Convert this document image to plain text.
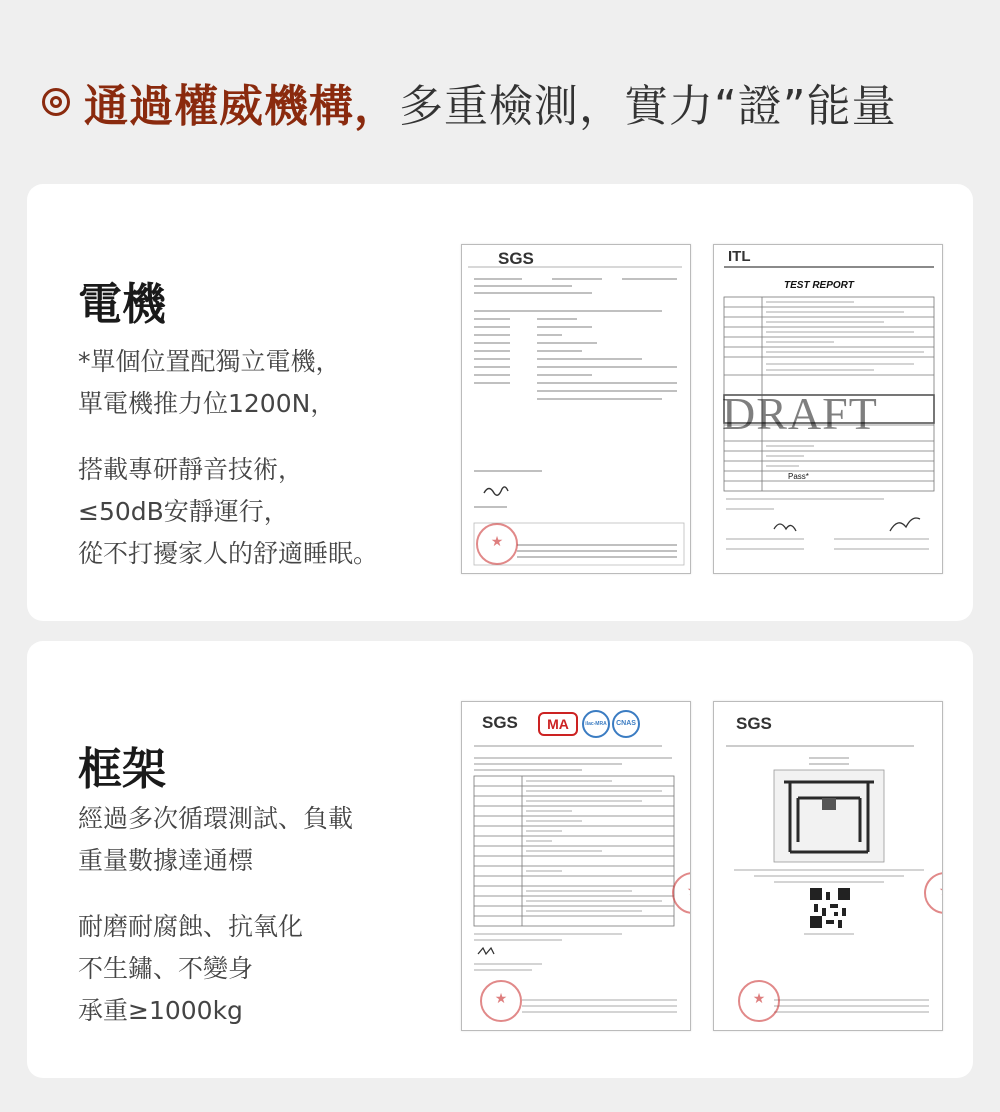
通過權威機構， 多重檢測，實力“證”能量
電機
*單個位置配獨立電機，
單電機推力位1200N，
搭載專研靜音技術，
≤50dB安靜運行，
從不打擾家人的舒適睡眠。
SGS
★	ITL
TEST REPORT
DRAFT
Pass*
框架
經過多次循環測試、負載
重量數據達通標
耐磨耐腐蝕、抗氧化
不生鏽、不變身
承重≥1000kg
SGS	MA	ilac-MRA	CNAS
★
★	SGS
★
★
